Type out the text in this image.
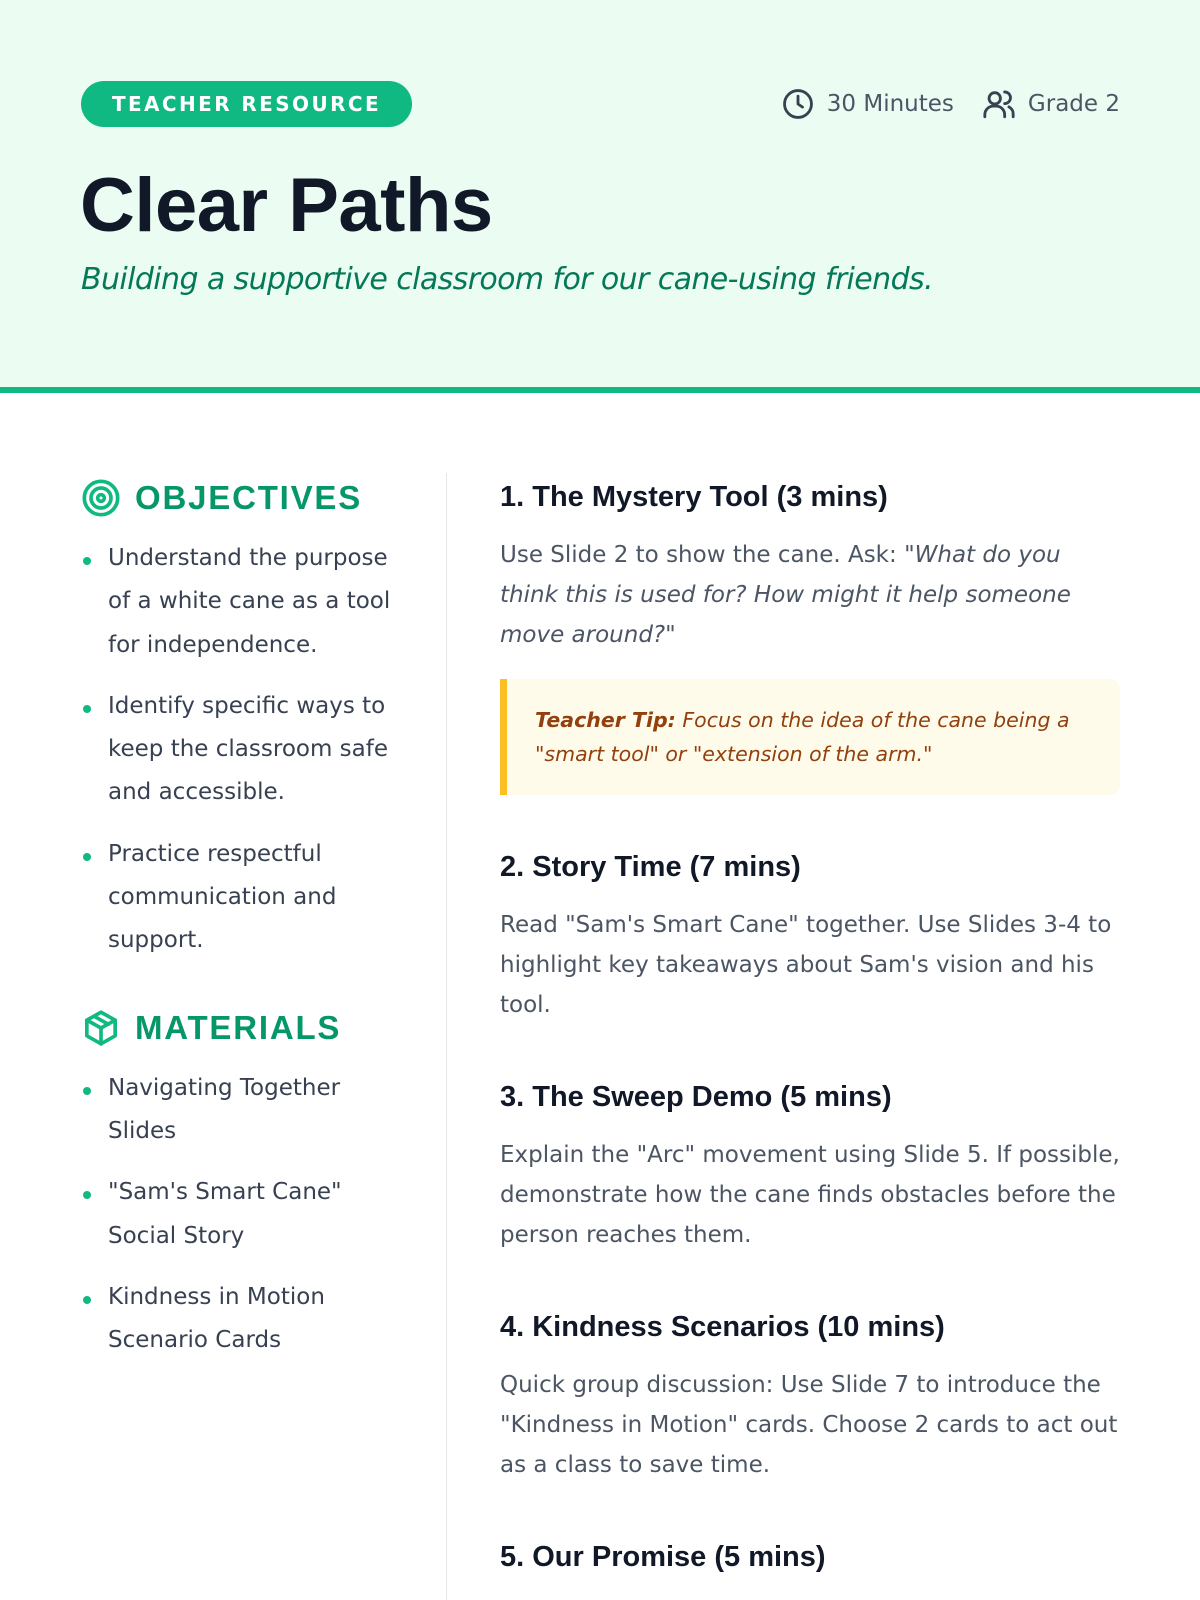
TEACHER RESOURCE	30 Minutes	Grade 2
Clear Paths
Building a supportive classroom for our cane-using friends.
OBJECTIVES
Understand the purpose of a white cane as a tool for independence.
Identify specific ways to keep the classroom safe and accessible.
Practice respectful communication and support.
MATERIALS
Navigating Together Slides
"Sam's Smart Cane" Social Story
Kindness in Motion Scenario Cards
1. The Mystery Tool (3 mins)

Use Slide 2 to show the cane. Ask: "What do you think this is used for? How might it help someone move around?"

Teacher Tip: Focus on the idea of the cane being a "smart tool" or "extension of the arm."
2. Story Time (7 mins)

Read "Sam's Smart Cane" together. Use Slides 3-4 to highlight key takeaways about Sam's vision and his tool.

3. The Sweep Demo (5 mins)

Explain the "Arc" movement using Slide 5. If possible, demonstrate how the cane finds obstacles before the person reaches them.

4. Kindness Scenarios (10 mins)

Quick group discussion: Use Slide 7 to introduce the "Kindness in Motion" cards. Choose 2 cards to act out as a class to save time.

5. Our Promise (5 mins)
